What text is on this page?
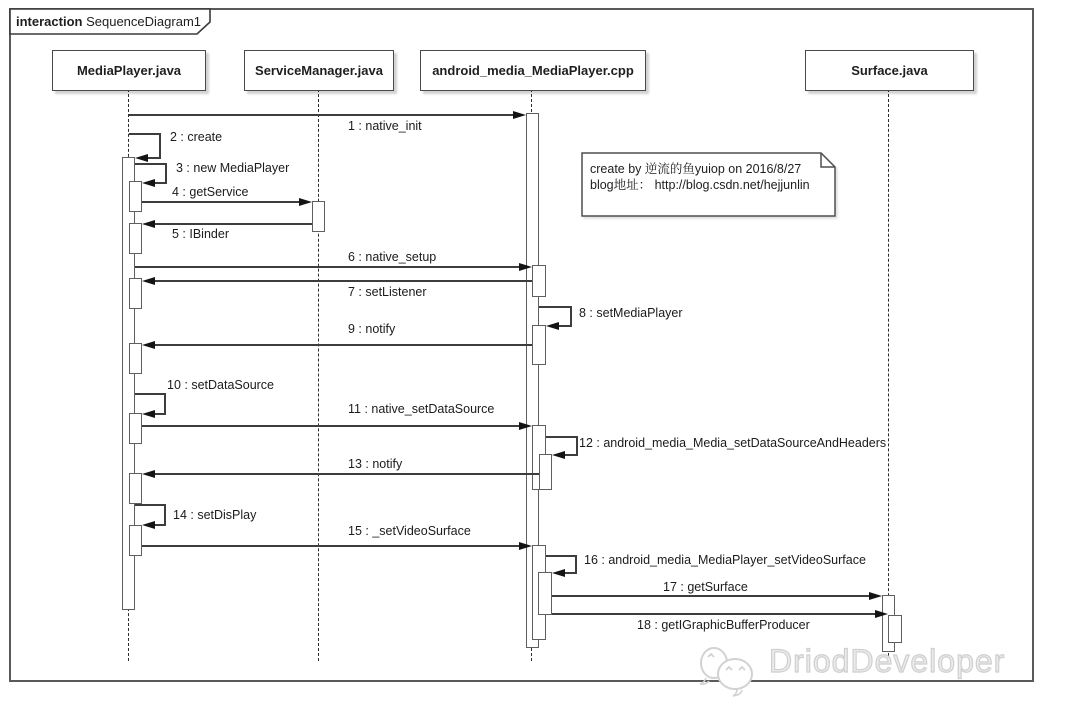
interaction SequenceDiagram1
MediaPlayer.java	ServiceManager.java	android_media_MediaPlayer.cpp	Surface.java
1 : native_init
2 : create
3 : new MediaPlayer
4 : getService
5 : IBinder
6 : native_setup
7 : setListener
8 : setMediaPlayer
9 : notify
10 : setDataSource
11 : native_setDataSource
12 : android_media_Media_setDataSourceAndHeaders
13 : notify
14 : setDisPlay
15 : _setVideoSurface
16 : android_media_MediaPlayer_setVideoSurface
17 : getSurface
18 : getIGraphicBufferProducer
create by 逆流的鱼yuiop on 2016/8/27
blog地址： http://blog.csdn.net/hejjunlin
DriodDeveloper
